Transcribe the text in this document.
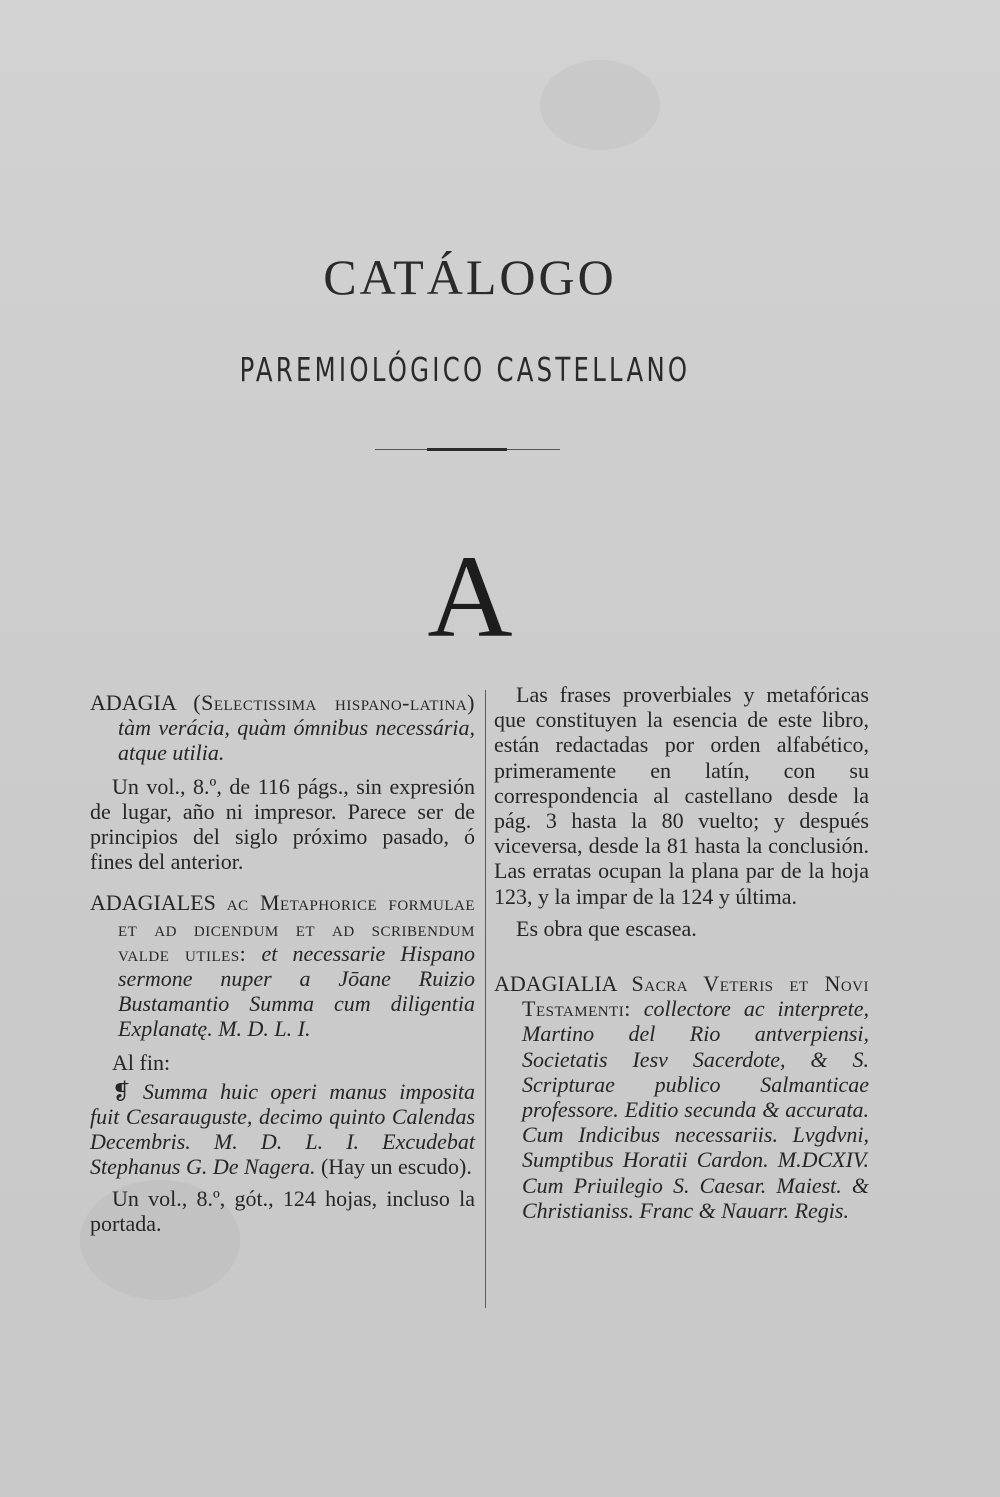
CATÁLOGO
PAREMIOLÓGICO CASTELLANO
A

ADAGIA (Selectissima hispano-latina) tàm verácia, quàm ómnibus necessária, atque utilia.

Un vol., 8.º, de 116 págs., sin expresión de lugar, año ni impresor. Parece ser de principios del siglo próximo pasado, ó fines del anterior.

ADAGIALES ac Metaphorice formulae et ad dicendum et ad scribendum valde utiles: et necessarie Hispano sermone nuper a Jōane Ruizio Bustamantio Summa cum diligentia Explanatę. M. D. L. I.

Al fin:

❡ Summa huic operi manus imposita fuit Cesarauguste, decimo quinto Calendas Decembris. M. D. L. I. Excudebat Stephanus G. De Nagera. (Hay un escudo).

Un vol., 8.º, gót., 124 hojas, incluso la portada.

Las frases proverbiales y metafóricas que constituyen la esencia de este libro, están redactadas por orden alfabético, primeramente en latín, con su correspondencia al castellano desde la pág. 3 hasta la 80 vuelto; y después viceversa, desde la 81 hasta la conclusión. Las erratas ocupan la plana par de la hoja 123, y la impar de la 124 y última.

Es obra que escasea.

ADAGIALIA Sacra Veteris et Novi Testamenti: collectore ac interprete, Martino del Rio antverpiensi, Societatis Iesv Sacerdote, & S. Scripturae publico Salmanticae professore. Editio secunda & accurata. Cum Indicibus necessariis. Lvgdvni, Sumptibus Horatii Cardon. M.DCXIV. Cum Priuilegio S. Caesar. Maiest. & Christianiss. Franc & Nauarr. Regis.
